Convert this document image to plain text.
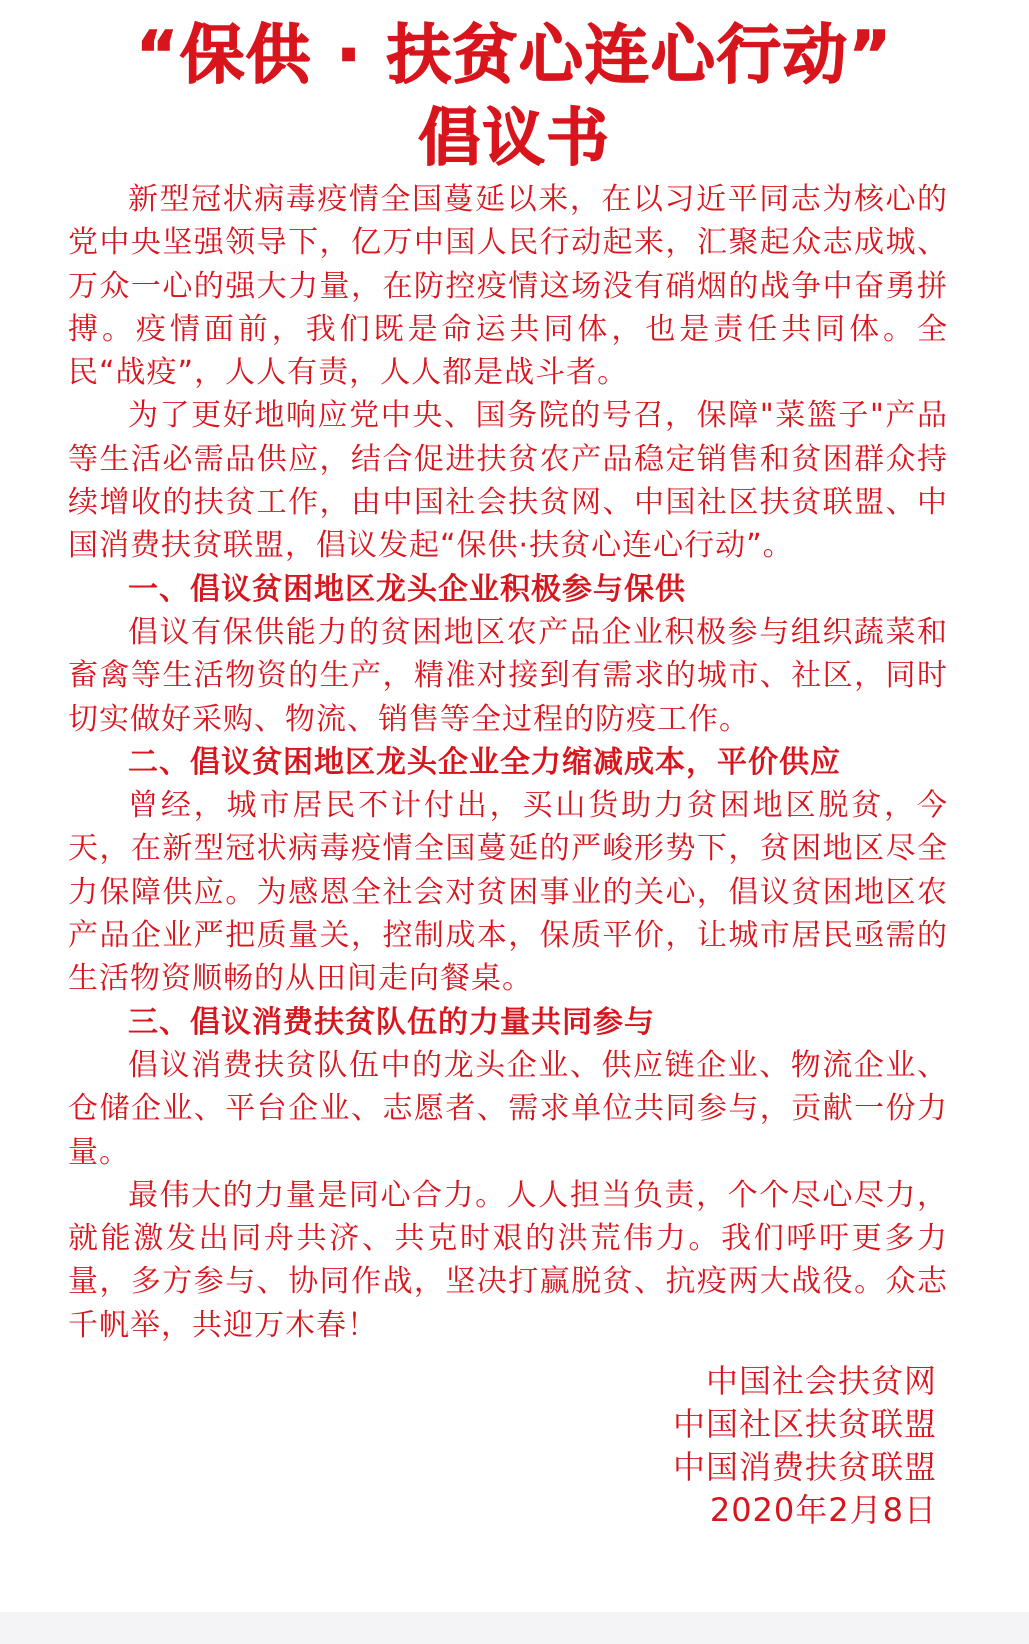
“保供 · 扶贫心连心行动”
倡议书

新型冠状病毒疫情全国蔓延以来，在以习近平同志为核心的党中央坚强领导下，亿万中国人民行动起来，汇聚起众志成城、万众一心的强大力量，在防控疫情这场没有硝烟的战争中奋勇拼搏。疫情面前，我们既是命运共同体，也是责任共同体。全民“战疫”，人人有责，人人都是战斗者。

为了更好地响应党中央、国务院的号召，保障"菜篮子"产品等生活必需品供应，结合促进扶贫农产品稳定销售和贫困群众持续增收的扶贫工作，由中国社会扶贫网、中国社区扶贫联盟、中国消费扶贫联盟，倡议发起“保供·扶贫心连心行动”。

一、倡议贫困地区龙头企业积极参与保供

倡议有保供能力的贫困地区农产品企业积极参与组织蔬菜和畜禽等生活物资的生产，精准对接到有需求的城市、社区，同时切实做好采购、物流、销售等全过程的防疫工作。

二、倡议贫困地区龙头企业全力缩减成本，平价供应

曾经，城市居民不计付出，买山货助力贫困地区脱贫，今天，在新型冠状病毒疫情全国蔓延的严峻形势下，贫困地区尽全力保障供应。为感恩全社会对贫困事业的关心，倡议贫困地区农产品企业严把质量关，控制成本，保质平价，让城市居民亟需的生活物资顺畅的从田间走向餐桌。

三、倡议消费扶贫队伍的力量共同参与

倡议消费扶贫队伍中的龙头企业、供应链企业、物流企业、仓储企业、平台企业、志愿者、需求单位共同参与，贡献一份力量。

最伟大的力量是同心合力。人人担当负责，个个尽心尽力，就能激发出同舟共济、共克时艰的洪荒伟力。我们呼吁更多力量，多方参与、协同作战，坚决打赢脱贫、抗疫两大战役。众志千帆举，共迎万木春！

中国社会扶贫网
中国社区扶贫联盟
中国消费扶贫联盟
2020年2月8日
